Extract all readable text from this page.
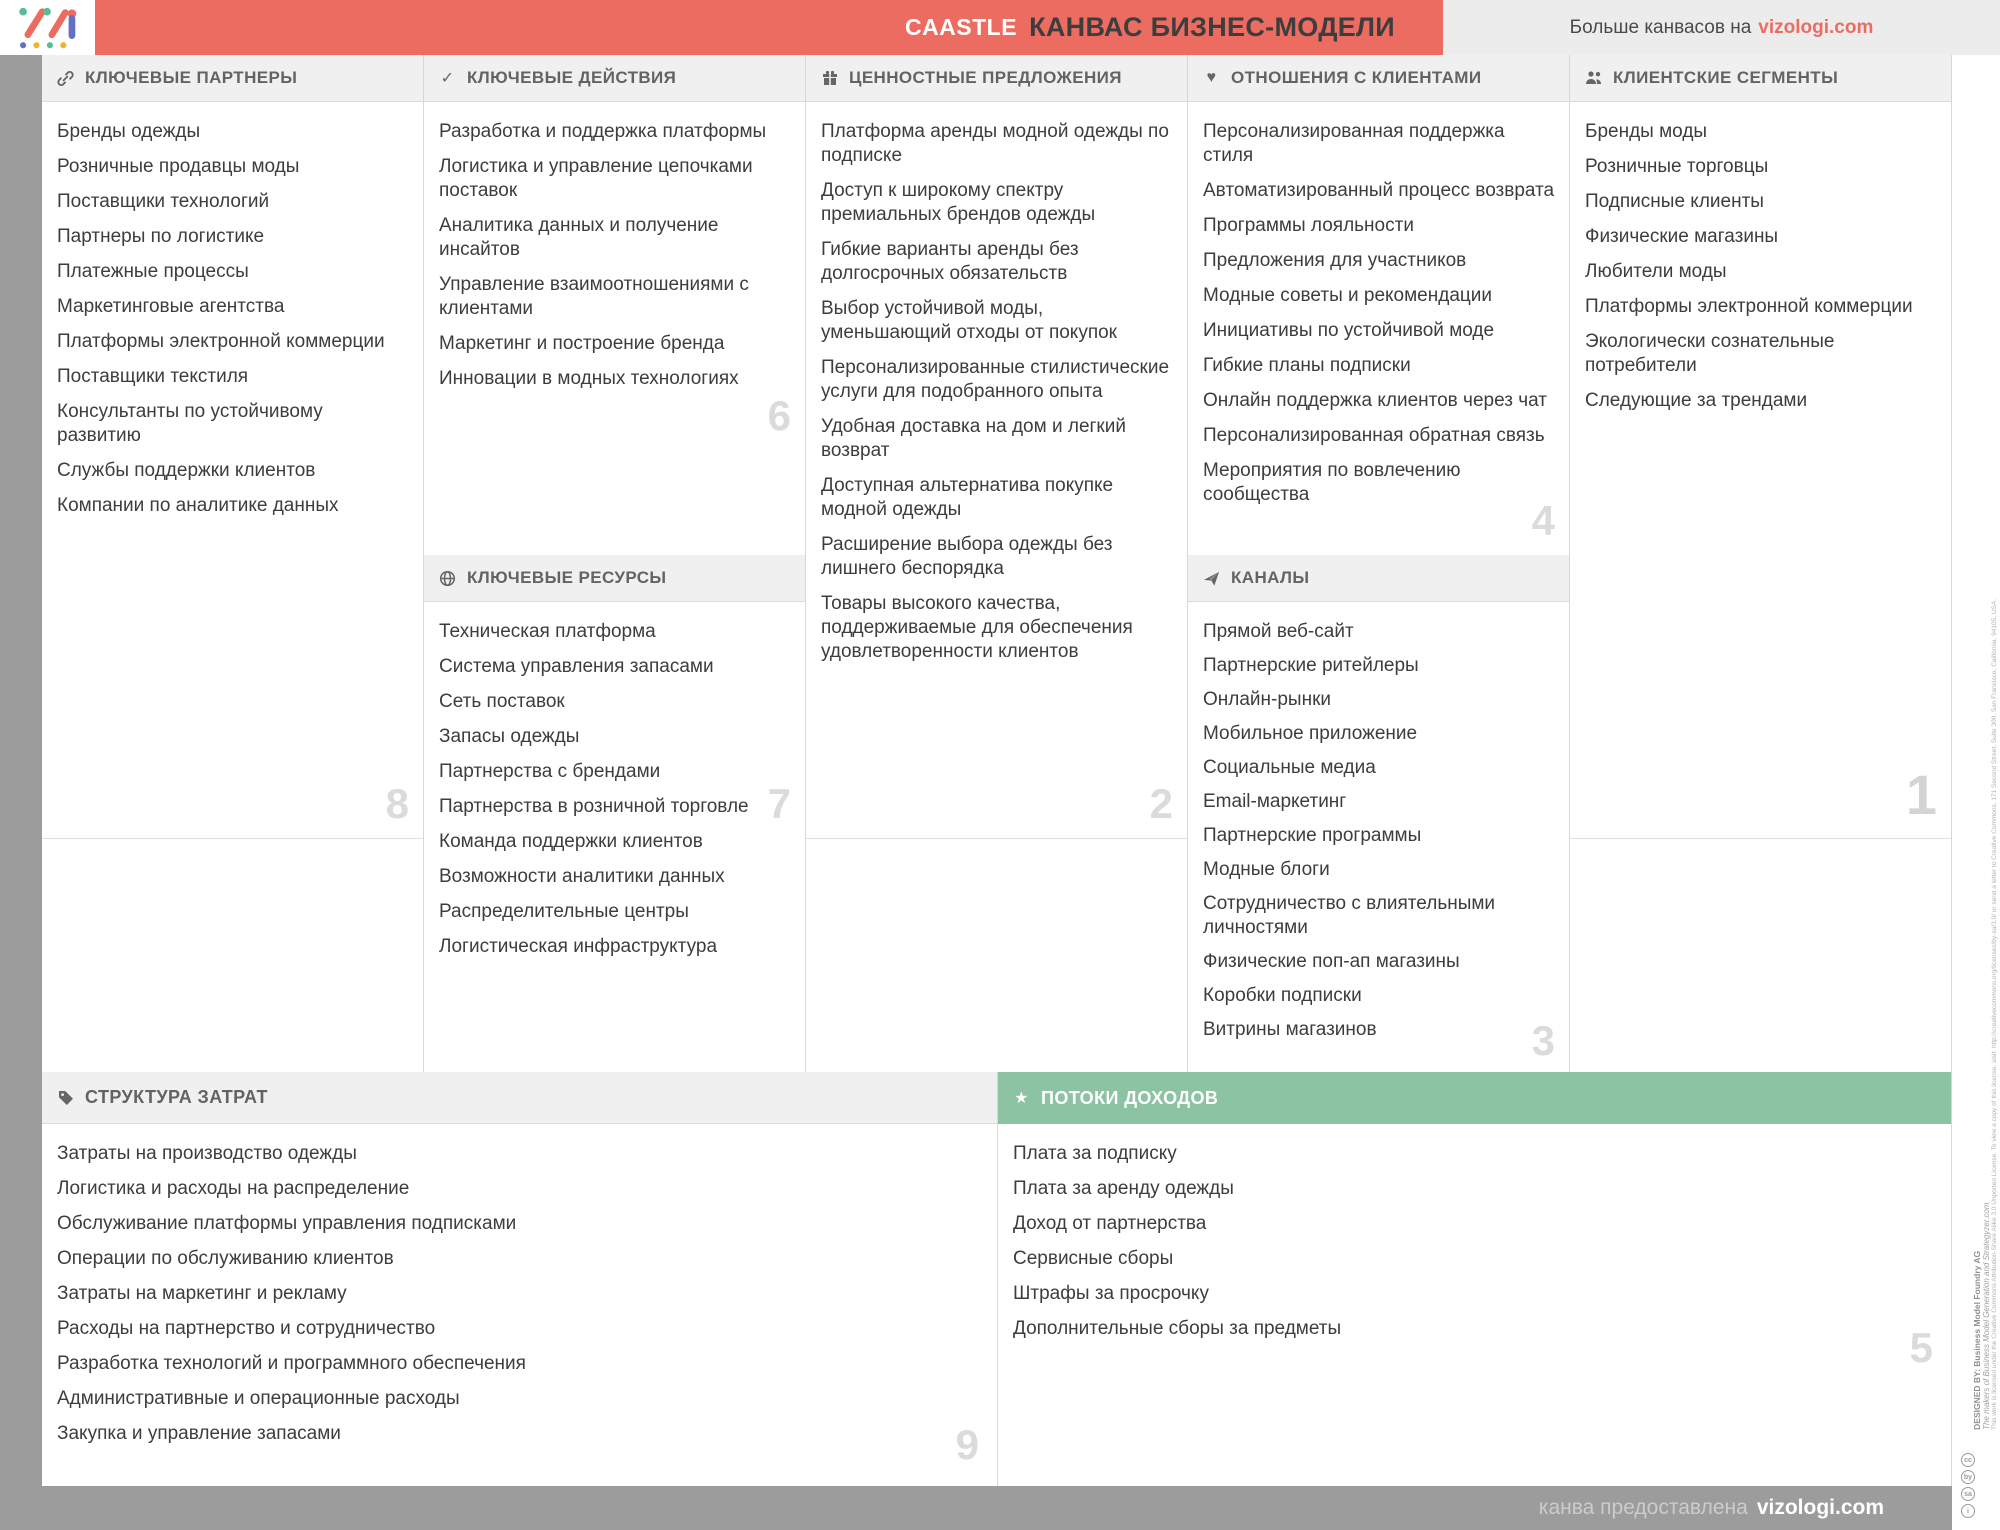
CAASTLE КАНВАС БИЗНЕС-МОДЕЛИ	Больше канвасов на vizologi.com
КЛЮЧЕВЫЕ ПАРТНЕРЫ
Бренды одежды
Розничные продавцы моды
Поставщики технологий
Партнеры по логистике
Платежные процессы
Маркетинговые агентства
Платформы электронной коммерции
Поставщики текстиля
Консультанты по устойчивому развитию
Службы поддержки клиентов
Компании по аналитике данных
8
✓ КЛЮЧЕВЫЕ ДЕЙСТВИЯ
Разработка и поддержка платформы
Логистика и управление цепочками поставок
Аналитика данных и получение инсайтов
Управление взаимоотношениями с клиентами
Маркетинг и построение бренда
Инновации в модных технологиях
6
КЛЮЧЕВЫЕ РЕСУРСЫ
Техническая платформа
Система управления запасами
Сеть поставок
Запасы одежды
Партнерства с брендами
Партнерства в розничной торговле
Команда поддержки клиентов
Возможности аналитики данных
Распределительные центры
Логистическая инфраструктура
7
ЦЕННОСТНЫЕ ПРЕДЛОЖЕНИЯ
Платформа аренды модной одежды по подписке
Доступ к широкому спектру премиальных брендов одежды
Гибкие варианты аренды без долгосрочных обязательств
Выбор устойчивой моды, уменьшающий отходы от покупок
Персонализированные стилистические услуги для подобранного опыта
Удобная доставка на дом и легкий возврат
Доступная альтернатива покупке модной одежды
Расширение выбора одежды без лишнего беспорядка
Товары высокого качества, поддерживаемые для обеспечения удовлетворенности клиентов
2
♥ ОТНОШЕНИЯ С КЛИЕНТАМИ
Персонализированная поддержка стиля
Автоматизированный процесс возврата
Программы лояльности
Предложения для участников
Модные советы и рекомендации
Инициативы по устойчивой моде
Гибкие планы подписки
Онлайн поддержка клиентов через чат
Персонализированная обратная связь
Мероприятия по вовлечению сообщества
4
КАНАЛЫ
Прямой веб-сайт
Партнерские ритейлеры
Онлайн-рынки
Мобильное приложение
Социальные медиа
Email-маркетинг
Партнерские программы
Модные блоги
Сотрудничество с влиятельными личностями
Физические поп-ап магазины
Коробки подписки
Витрины магазинов	3
КЛИЕНТСКИЕ СЕГМЕНТЫ
Бренды моды
Розничные торговцы
Подписные клиенты
Физические магазины
Любители моды
Платформы электронной коммерции
Экологически сознательные потребители
Следующие за трендами
1
СТРУКТУРА ЗАТРАТ
Затраты на производство одежды
Логистика и расходы на распределение
Обслуживание платформы управления подписками
Операции по обслуживанию клиентов
Затраты на маркетинг и рекламу
Расходы на партнерство и сотрудничество
Разработка технологий и программного обеспечения
Административные и операционные расходы
Закупка и управление запасами	9
★ ПОТОКИ ДОХОДОВ
Плата за подписку
Плата за аренду одежды
Доход от партнерства
Сервисные сборы
Штрафы за просрочку
Дополнительные сборы за предметы	5
канва предоставлена vizologi.com
DESIGNED BY: Business Model Foundry AG The makers of Business Model Generation and Strategyzer.com This work is licensed under the Creative Commons Attribution-Share Alike 3.0 Unported License. To view a copy of this license, visit: http://creativecommons.org/licenses/by-sa/3.0/ or send a letter to Creative Commons, 171 Second Street, Suite 300, San Francisco, California, 94105, USA.
cc
by
sa
i
